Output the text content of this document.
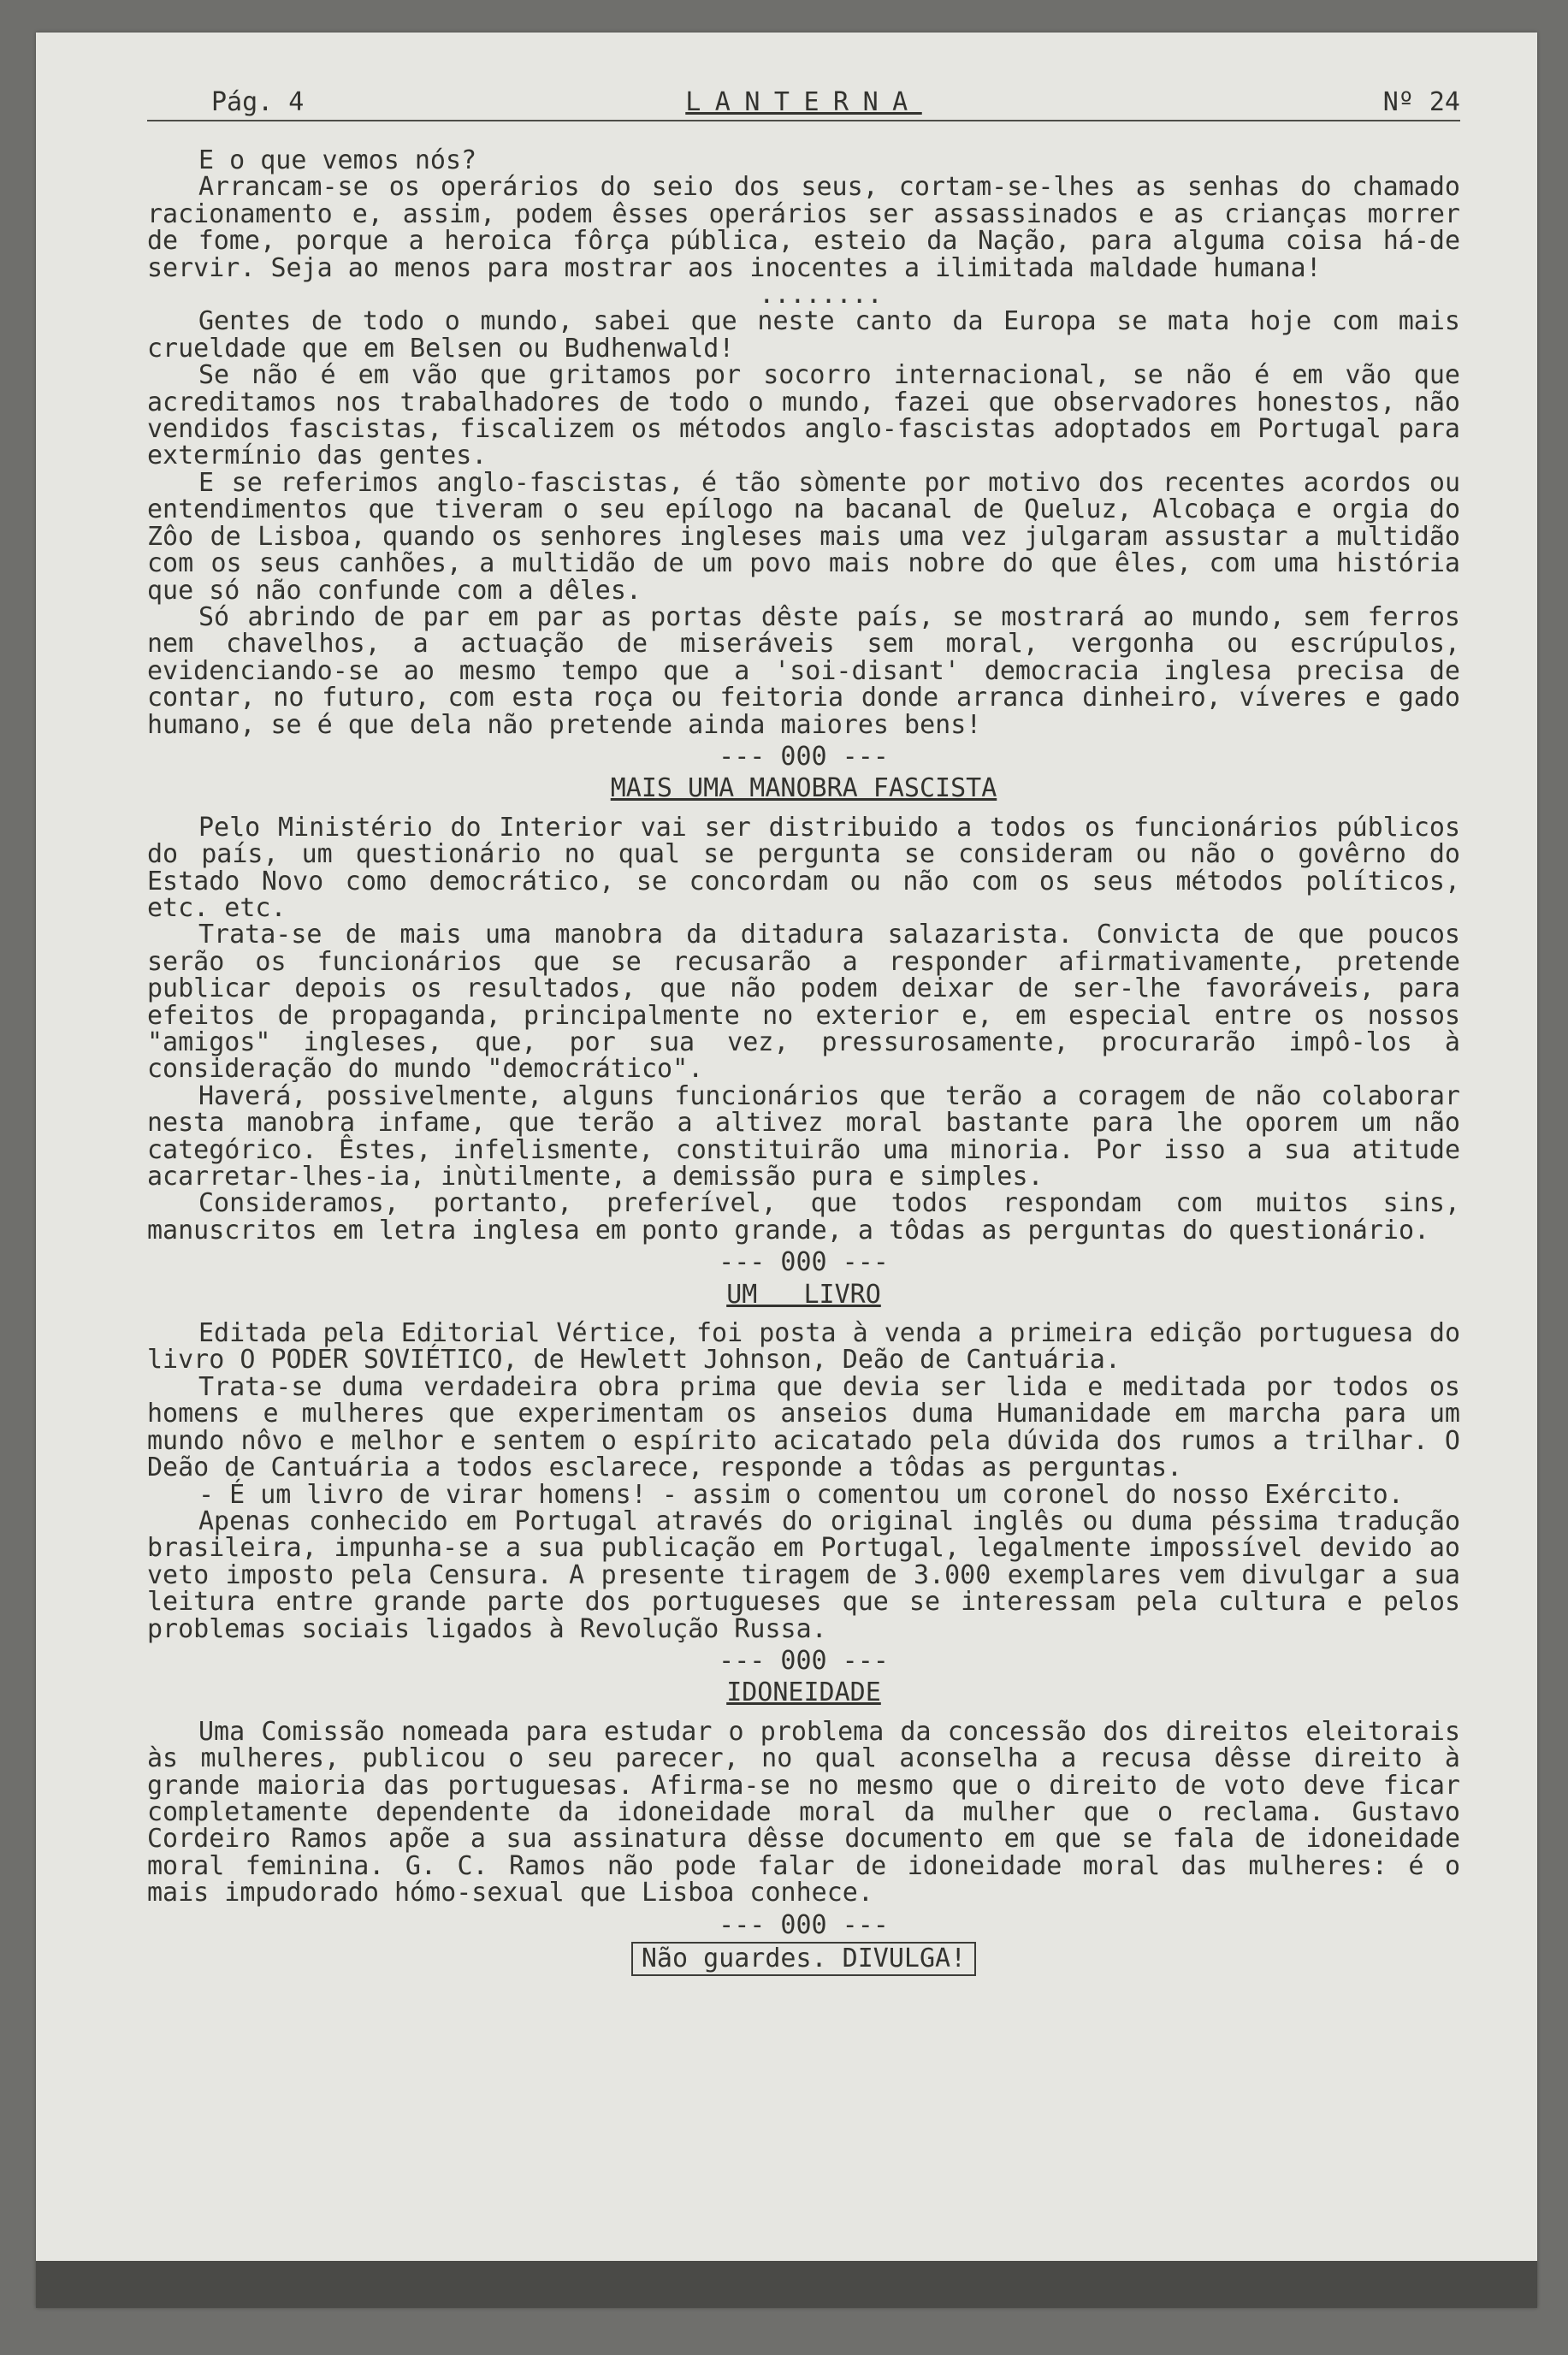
Pág. 4	LANTERNA	Nº 24

E o que vemos nós?

Arrancam-se os operários do seio dos seus, cortam-se-lhes as senhas do chamado racionamento e, assim, podem êsses operários ser assassinados e as crianças morrer de fome, porque a heroica fôrça pública, esteio da Nação, para alguma coisa há-de servir. Seja ao menos para mostrar aos inocentes a ilimitada maldade humana!

........

Gentes de todo o mundo, sabei que neste canto da Europa se mata hoje com mais crueldade que em Belsen ou Budhenwald!

Se não é em vão que gritamos por socorro internacional, se não é em vão que acreditamos nos trabalhadores de todo o mundo, fazei que observadores honestos, não vendidos fascistas, fiscalizem os métodos anglo-fascistas adoptados em Portugal para extermínio das gentes.

E se referimos anglo-fascistas, é tão sòmente por motivo dos recentes acordos ou entendimentos que tiveram o seu epílogo na bacanal de Queluz, Alcobaça e orgia do Zôo de Lisboa, quando os senhores ingleses mais uma vez julgaram assustar a multidão com os seus canhões, a multidão de um povo mais nobre do que êles, com uma história que só não confunde com a dêles.

Só abrindo de par em par as portas dêste país, se mostrará ao mundo, sem ferros nem chavelhos, a actuação de miseráveis sem moral, vergonha ou escrúpulos, evidenciando-se ao mesmo tempo que a 'soi-disant' democracia inglesa precisa de contar, no futuro, com esta roça ou feitoria donde arranca dinheiro, víveres e gado humano, se é que dela não pretende ainda maiores bens!

--- 000 ---
MAIS UMA MANOBRA FASCISTA

Pelo Ministério do Interior vai ser distribuido a todos os funcionários públicos do país, um questionário no qual se pergunta se consideram ou não o govêrno do Estado Novo como democrático, se concordam ou não com os seus métodos políticos, etc. etc.

Trata-se de mais uma manobra da ditadura salazarista. Convicta de que poucos serão os funcionários que se recusarão a responder afirmativamente, pretende publicar depois os resultados, que não podem deixar de ser-lhe favoráveis, para efeitos de propaganda, principalmente no exterior e, em especial entre os nossos "amigos" ingleses, que, por sua vez, pressurosamente, procurarão impô-los à consideração do mundo "democrático".

Haverá, possivelmente, alguns funcionários que terão a coragem de não colaborar nesta manobra infame, que terão a altivez moral bastante para lhe oporem um não categórico. Êstes, infelismente, constituirão uma minoria. Por isso a sua atitude acarretar-lhes-ia, inùtilmente, a demissão pura e simples.

Consideramos, portanto, preferível, que todos respondam com muitos sins, manuscritos em letra inglesa em ponto grande, a tôdas as perguntas do questionário.

--- 000 ---
UM   LIVRO

Editada pela Editorial Vértice, foi posta à venda a primeira edição portuguesa do livro O PODER SOVIÉTICO, de Hewlett Johnson, Deão de Cantuária.

Trata-se duma verdadeira obra prima que devia ser lida e meditada por todos os homens e mulheres que experimentam os anseios duma Humanidade em marcha para um mundo nôvo e melhor e sentem o espírito acicatado pela dúvida dos rumos a trilhar. O Deão de Cantuária a todos esclarece, responde a tôdas as perguntas.

- É um livro de virar homens! - assim o comentou um coronel do nosso Exército.

Apenas conhecido em Portugal através do original inglês ou duma péssima tradução brasileira, impunha-se a sua publicação em Portugal, legalmente impossível devido ao veto imposto pela Censura. A presente tiragem de 3.000 exemplares vem divulgar a sua leitura entre grande parte dos portugueses que se interessam pela cultura e pelos problemas sociais ligados à Revolução Russa.

--- 000 ---
IDONEIDADE

Uma Comissão nomeada para estudar o problema da concessão dos direitos eleitorais às mulheres, publicou o seu parecer, no qual aconselha a recusa dêsse direito à grande maioria das portuguesas. Afirma-se no mesmo que o direito de voto deve ficar completamente dependente da idoneidade moral da mulher que o reclama. Gustavo Cordeiro Ramos apõe a sua assinatura dêsse documento em que se fala de idoneidade moral feminina. G. C. Ramos não pode falar de idoneidade moral das mulheres: é o mais impudorado hómo-sexual que Lisboa conhece.

--- 000 ---
Não guardes. DIVULGA!
